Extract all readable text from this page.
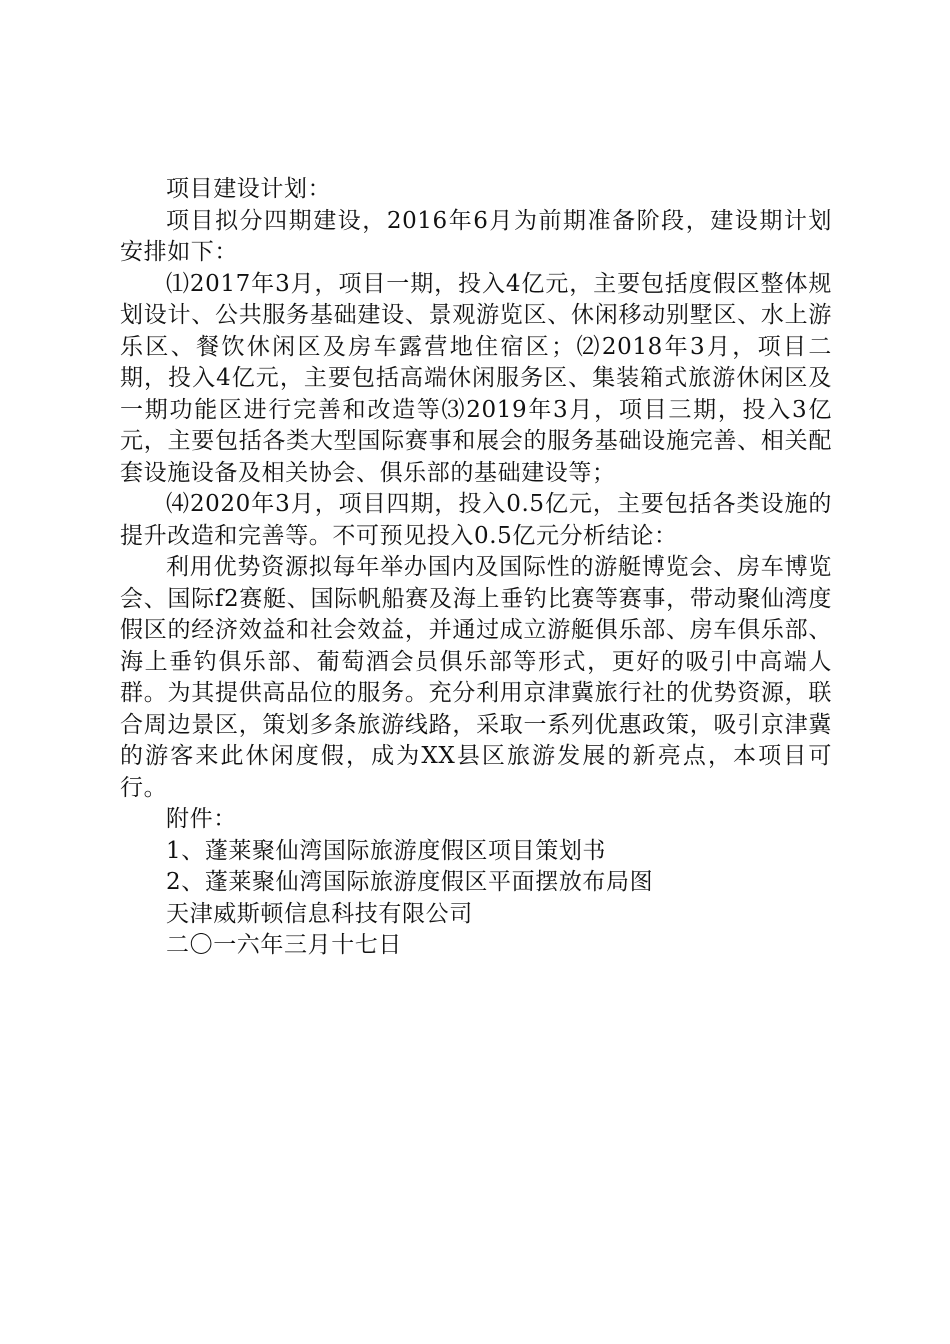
项目建设计划：

项目拟分四期建设，2016年6月为前期准备阶段，建设期计划安排如下：

⑴2017年3月，项目一期，投入4亿元，主要包括度假区整体规划设计、公共服务基础建设、景观游览区、休闲移动别墅区、水上游乐区、餐饮休闲区及房车露营地住宿区；⑵2018年3月，项目二期，投入4亿元，主要包括高端休闲服务区、集装箱式旅游休闲区及一期功能区进行完善和改造等⑶2019年3月，项目三期，投入3亿元，主要包括各类大型国际赛事和展会的服务基础设施完善、相关配套设施设备及相关协会、俱乐部的基础建设等；

⑷2020年3月，项目四期，投入0.5亿元，主要包括各类设施的提升改造和完善等。不可预见投入0.5亿元分析结论：

利用优势资源拟每年举办国内及国际性的游艇博览会、房车博览会、国际f2赛艇、国际帆船赛及海上垂钓比赛等赛事，带动聚仙湾度假区的经济效益和社会效益，并通过成立游艇俱乐部、房车俱乐部、海上垂钓俱乐部、葡萄酒会员俱乐部等形式，更好的吸引中高端人群。为其提供高品位的服务。充分利用京津冀旅行社的优势资源，联合周边景区，策划多条旅游线路，采取一系列优惠政策，吸引京津冀的游客来此休闲度假，成为XX县区旅游发展的新亮点，本项目可行。

附件：

1、蓬莱聚仙湾国际旅游度假区项目策划书

2、蓬莱聚仙湾国际旅游度假区平面摆放布局图

天津威斯顿信息科技有限公司

二〇一六年三月十七日
